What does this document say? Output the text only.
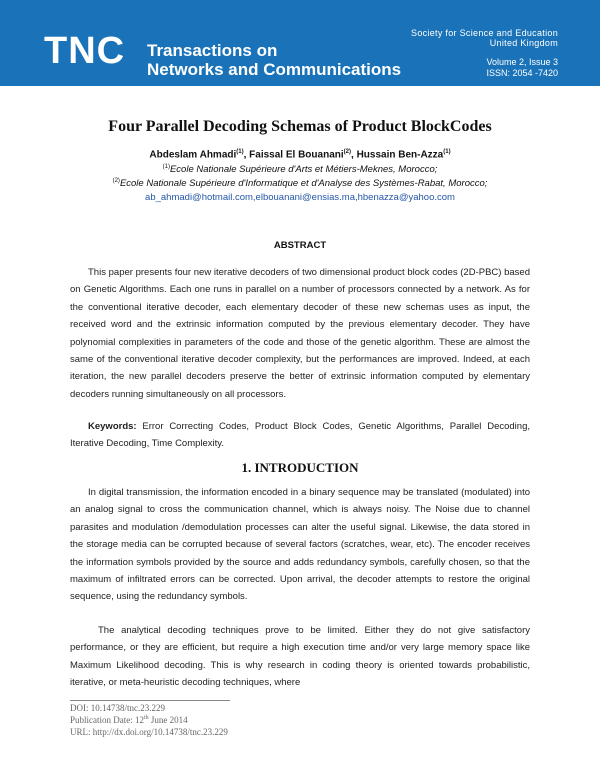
TNC Transactions on
Networks and Communications
Society for Science and Education
United Kingdom
Volume 2, Issue 3
ISSN: 2054 -7420
Four Parallel Decoding Schemas of Product BlockCodes
Abdeslam Ahmadi$^{(1)}$, Faissal El Bouanani$^{(2)}$, Hussain Ben-Azza$^{(1)}$
$^{(1)}$Ecole Nationale Supérieure d'Arts et Métiers-Meknes, Morocco;
$^{(2)}$Ecole Nationale Supérieure d'Informatique et d'Analyse des Systèmes-Rabat, Morocco;
ab_ahmadi@hotmail.com,elbouanani@ensias.ma,hbenazza@yahoo.com
ABSTRACT
This paper presents four new iterative decoders of two dimensional product block codes (2D-PBC) based on Genetic Algorithms. Each one runs in parallel on a number of processors connected by a network. As for the conventional iterative decoder, each elementary decoder of these new schemas uses as input, the received word and the extrinsic information computed by the previous elementary decoder. They have polynomial complexities in parameters of the code and those of the genetic algorithm. These are almost the same of the conventional iterative decoder complexity, but the performances are improved. Indeed, at each iteration, the new parallel decoders preserve the better of extrinsic information computed by elementary decoders running simultaneously on all processors.
Keywords: Error Correcting Codes, Product Block Codes, Genetic Algorithms, Parallel Decoding, Iterative Decoding, Time Complexity.
1. INTRODUCTION
In digital transmission, the information encoded in a binary sequence may be translated (modulated) into an analog signal to cross the communication channel, which is always noisy. The Noise due to channel parasites and modulation /demodulation processes can alter the useful signal. Likewise, the data stored in the storage media can be corrupted because of several factors (scratches, wear, etc). The encoder receives the information symbols provided by the source and adds redundancy symbols, carefully chosen, so that the maximum of infiltrated errors can be corrected. Upon arrival, the decoder attempts to restore the original sequence, using the redundancy symbols.
The analytical decoding techniques prove to be limited. Either they do not give satisfactory performance, or they are efficient, but require a high execution time and/or very large memory space like Maximum Likelihood decoding. This is why research in coding theory is oriented towards probabilistic, iterative, or meta-heuristic decoding techniques, where
DOI: 10.14738/tnc.23.229
Publication Date: 12th June 2014
URL: http://dx.doi.org/10.14738/tnc.23.229
